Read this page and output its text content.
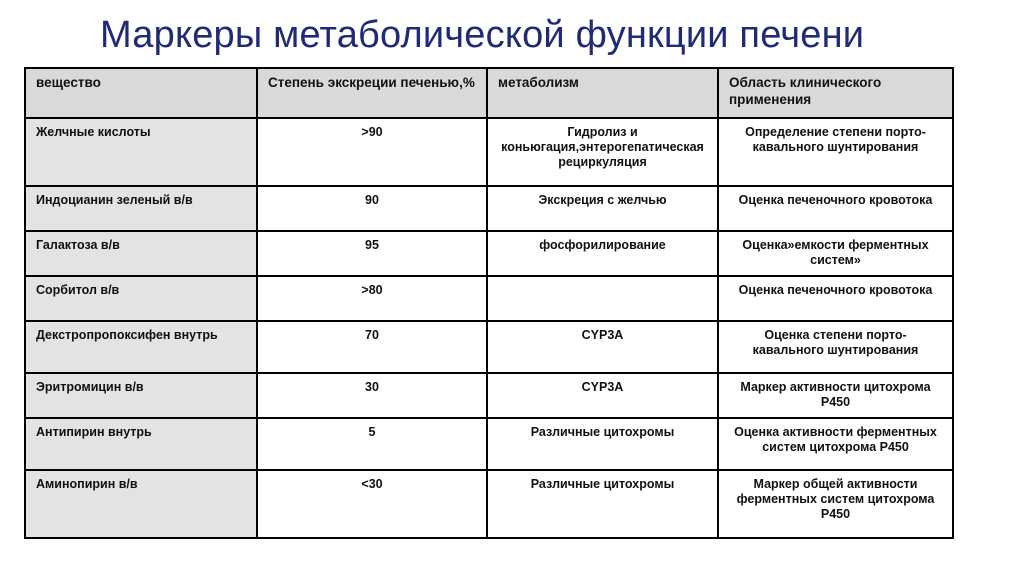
Маркеры метаболической функции печени
вещество	Степень экскреции печенью,%	метаболизм	Область клинического применения
Желчные кислоты	>90	Гидролиз и коньюгация,энтерогепатическая рециркуляция	Определение степени порто-кавального шунтирования
Индоцианин зеленый в/в	90	Экскреция с желчью	Оценка печеночного кровотока
Галактоза в/в	95	фосфорилирование	Оценка»емкости ферментных систем»
Сорбитол в/в	>80		Оценка печеночного кровотока
Декстропропоксифен внутрь	70	CYP3A	Оценка степени порто-кавального шунтирования
Эритромицин в/в	30	CYP3A	Маркер активности цитохрома P450
Антипирин внутрь	5	Различные цитохромы	Оценка активности ферментных систем цитохрома P450
Аминопирин в/в	<30	Различные цитохромы	Маркер общей активности ферментных систем цитохрома P450
